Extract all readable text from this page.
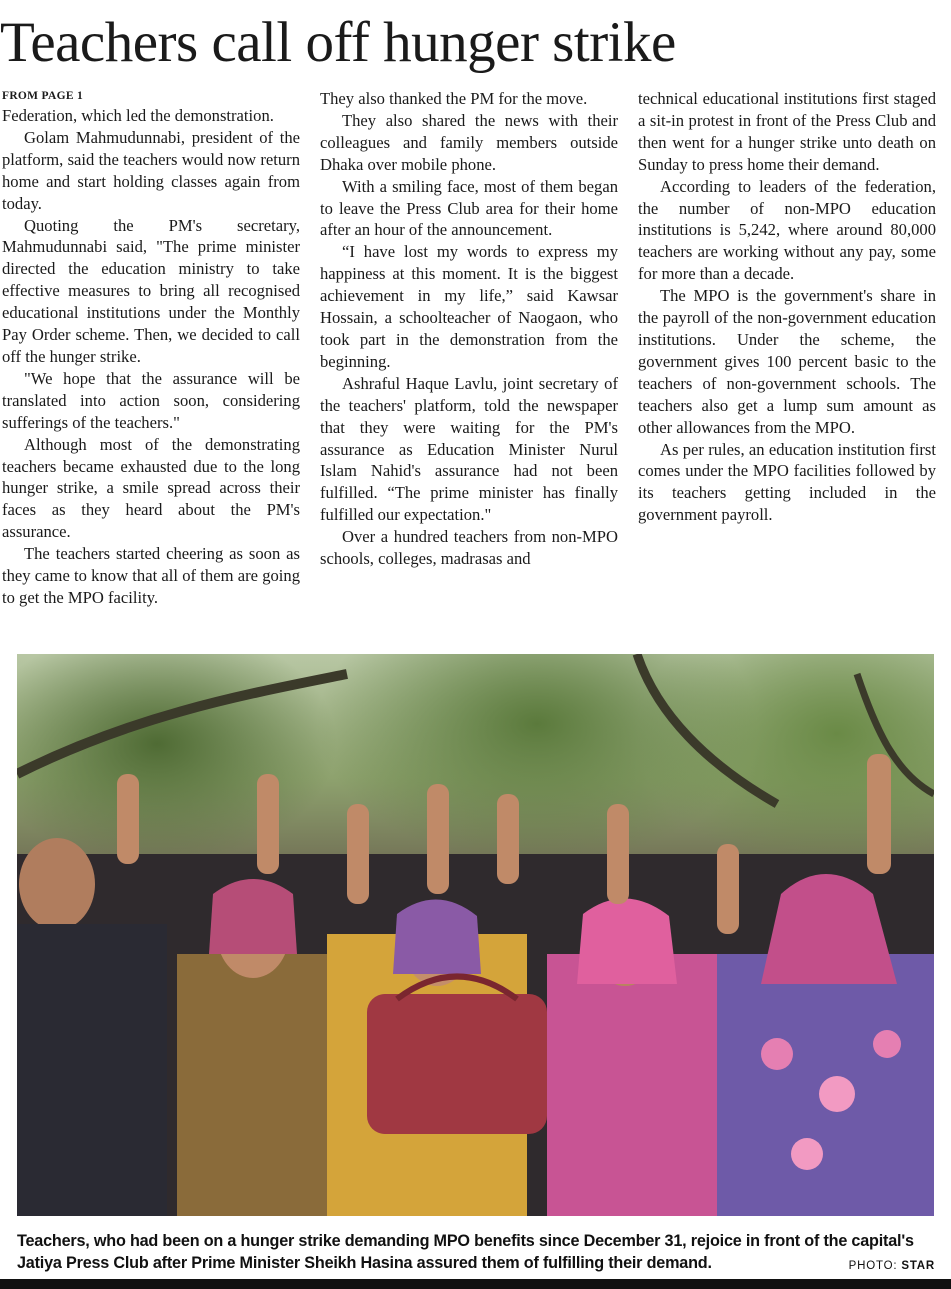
Teachers call off hunger strike

FROM PAGE 1

Federation, which led the demonstration.

Golam Mahmudunnabi, president of the platform, said the teachers would now return home and start holding classes again from today.

Quoting the PM's secretary, Mahmudunnabi said, "The prime minister directed the education ministry to take effective measures to bring all recognised educational institutions under the Monthly Pay Order scheme. Then, we decided to call off the hunger strike.

"We hope that the assurance will be translated into action soon, considering sufferings of the teachers."

Although most of the demonstrating teachers became exhausted due to the long hunger strike, a smile spread across their faces as they heard about the PM's assurance.

The teachers started cheering as soon as they came to know that all of them are going to get the MPO facility.

They also thanked the PM for the move.

They also shared the news with their colleagues and family members outside Dhaka over mobile phone.

With a smiling face, most of them began to leave the Press Club area for their home after an hour of the announcement.

“I have lost my words to express my happiness at this moment. It is the biggest achievement in my life,” said Kawsar Hossain, a schoolteacher of Naogaon, who took part in the demonstration from the beginning.

Ashraful Haque Lavlu, joint secretary of the teachers' platform, told the newspaper that they were waiting for the PM's assurance as Education Minister Nurul Islam Nahid's assurance had not been fulfilled. “The prime minister has finally fulfilled our expectation."

Over a hundred teachers from non-MPO schools, colleges, madrasas and

technical educational institutions first staged a sit-in protest in front of the Press Club and then went for a hunger strike unto death on Sunday to press home their demand.

According to leaders of the federation, the number of non-MPO education institutions is 5,242, where around 80,000 teachers are working without any pay, some for more than a decade.

The MPO is the government's share in the payroll of the non-government education institutions. Under the scheme, the government gives 100 percent basic to the teachers of non-government schools. The teachers also get a lump sum amount as other allowances from the MPO.

As per rules, an education institution first comes under the MPO facilities followed by its teachers getting included in the government payroll.

Teachers, who had been on a hunger strike demanding MPO benefits since December 31, rejoice in front of the capital's Jatiya Press Club after Prime Minister Sheikh Hasina assured them of fulfilling their demand.	PHOTO: STAR
